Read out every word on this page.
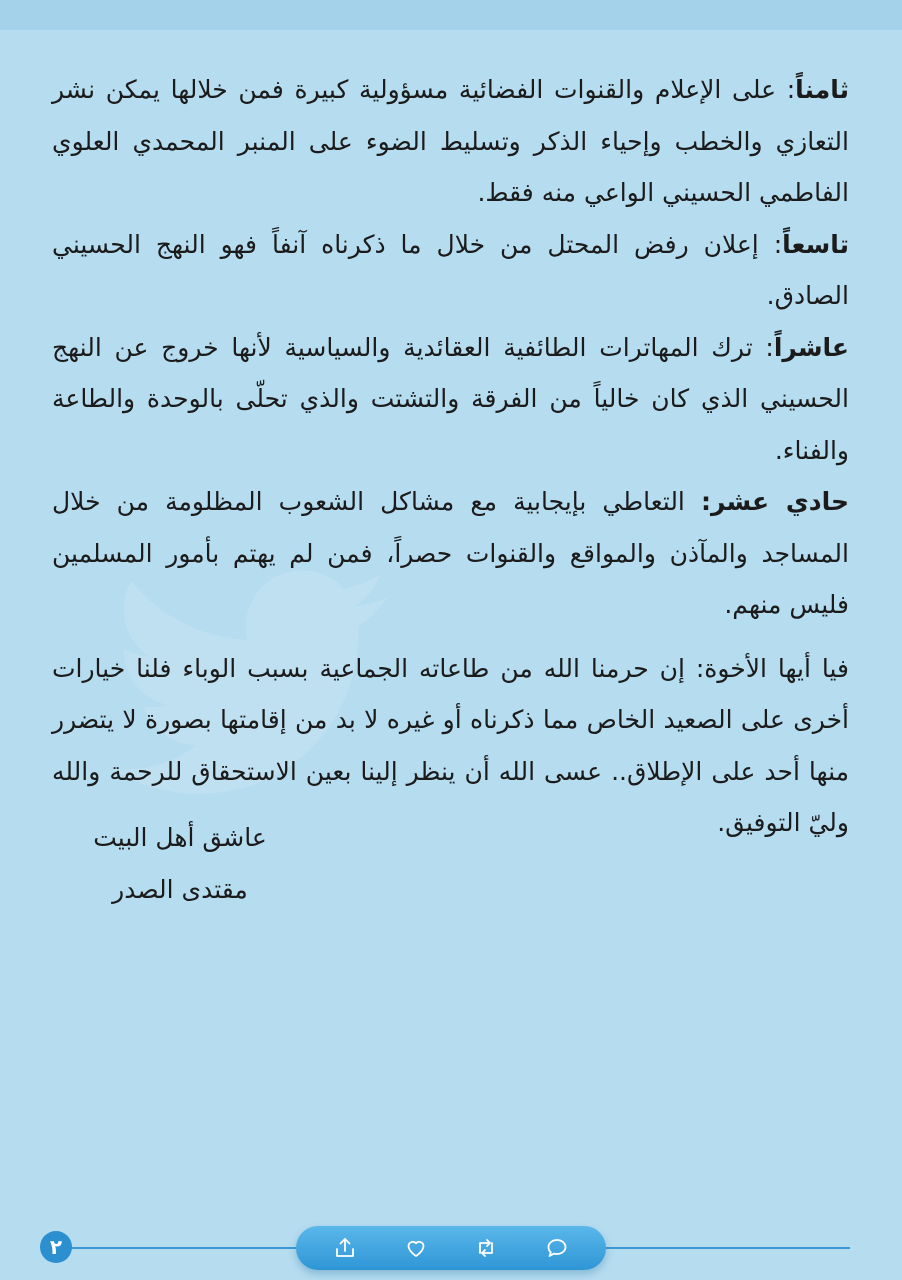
ثامناً: على الإعلام والقنوات الفضائية مسؤولية كبيرة فمن خلالها يمكن نشر التعازي والخطب وإحياء الذكر وتسليط الضوء على المنبر المحمدي العلوي الفاطمي الحسيني الواعي منه فقط.

تاسعاً: إعلان رفض المحتل من خلال ما ذكرناه آنفاً فهو النهج الحسيني الصادق.

عاشراً: ترك المهاترات الطائفية العقائدية والسياسية لأنها خروج عن النهج الحسيني الذي كان خالياً من الفرقة والتشتت والذي تحلّى بالوحدة والطاعة والفناء.

حادي عشر: التعاطي بإيجابية مع مشاكل الشعوب المظلومة من خلال المساجد والمآذن والمواقع والقنوات حصراً، فمن لم يهتم بأمور المسلمين فليس منهم.

فيا أيها الأخوة: إن حرمنا الله من طاعاته الجماعية بسبب الوباء فلنا خيارات أخرى على الصعيد الخاص مما ذكرناه أو غيره لا بد من إقامتها بصورة لا يتضرر منها أحد على الإطلاق.. عسى الله أن ينظر إلينا بعين الاستحقاق للرحمة والله وليّ التوفيق.

عاشق أهل البيت
مقتدى الصدر
٢
